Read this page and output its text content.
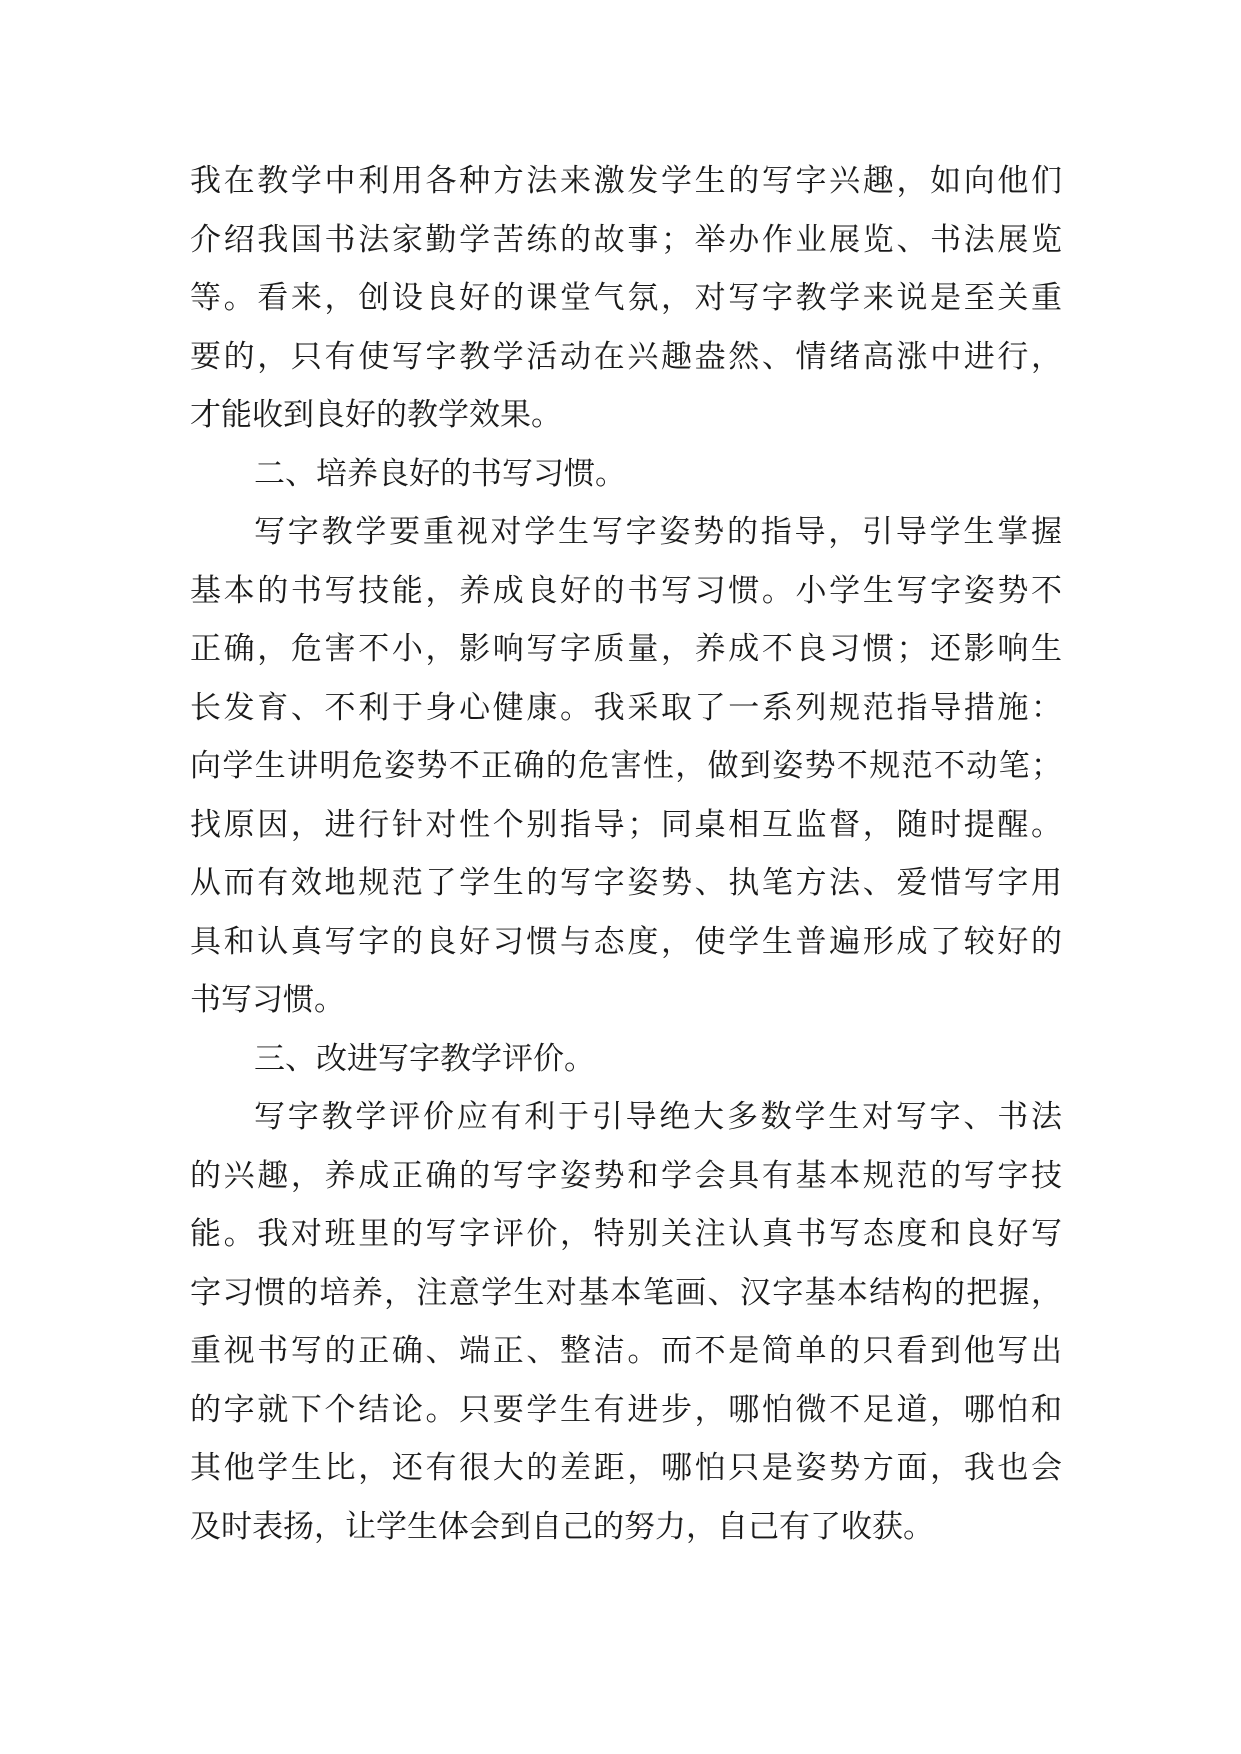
我在教学中利用各种方法来激发学生的写字兴趣，如向他们
介绍我国书法家勤学苦练的故事；举办作业展览、书法展览
等。看来，创设良好的课堂气氛，对写字教学来说是至关重
要的，只有使写字教学活动在兴趣盎然、情绪高涨中进行，
才能收到良好的教学效果。
二、培养良好的书写习惯。
写字教学要重视对学生写字姿势的指导，引导学生掌握
基本的书写技能，养成良好的书写习惯。小学生写字姿势不
正确，危害不小，影响写字质量，养成不良习惯；还影响生
长发育、不利于身心健康。我采取了一系列规范指导措施：
向学生讲明危姿势不正确的危害性，做到姿势不规范不动笔；
找原因，进行针对性个别指导；同桌相互监督，随时提醒。
从而有效地规范了学生的写字姿势、执笔方法、爱惜写字用
具和认真写字的良好习惯与态度，使学生普遍形成了较好的
书写习惯。
三、改进写字教学评价。
写字教学评价应有利于引导绝大多数学生对写字、书法
的兴趣，养成正确的写字姿势和学会具有基本规范的写字技
能。我对班里的写字评价，特别关注认真书写态度和良好写
字习惯的培养，注意学生对基本笔画、汉字基本结构的把握，
重视书写的正确、端正、整洁。而不是简单的只看到他写出
的字就下个结论。只要学生有进步，哪怕微不足道，哪怕和
其他学生比，还有很大的差距，哪怕只是姿势方面，我也会
及时表扬，让学生体会到自己的努力，自己有了收获。
